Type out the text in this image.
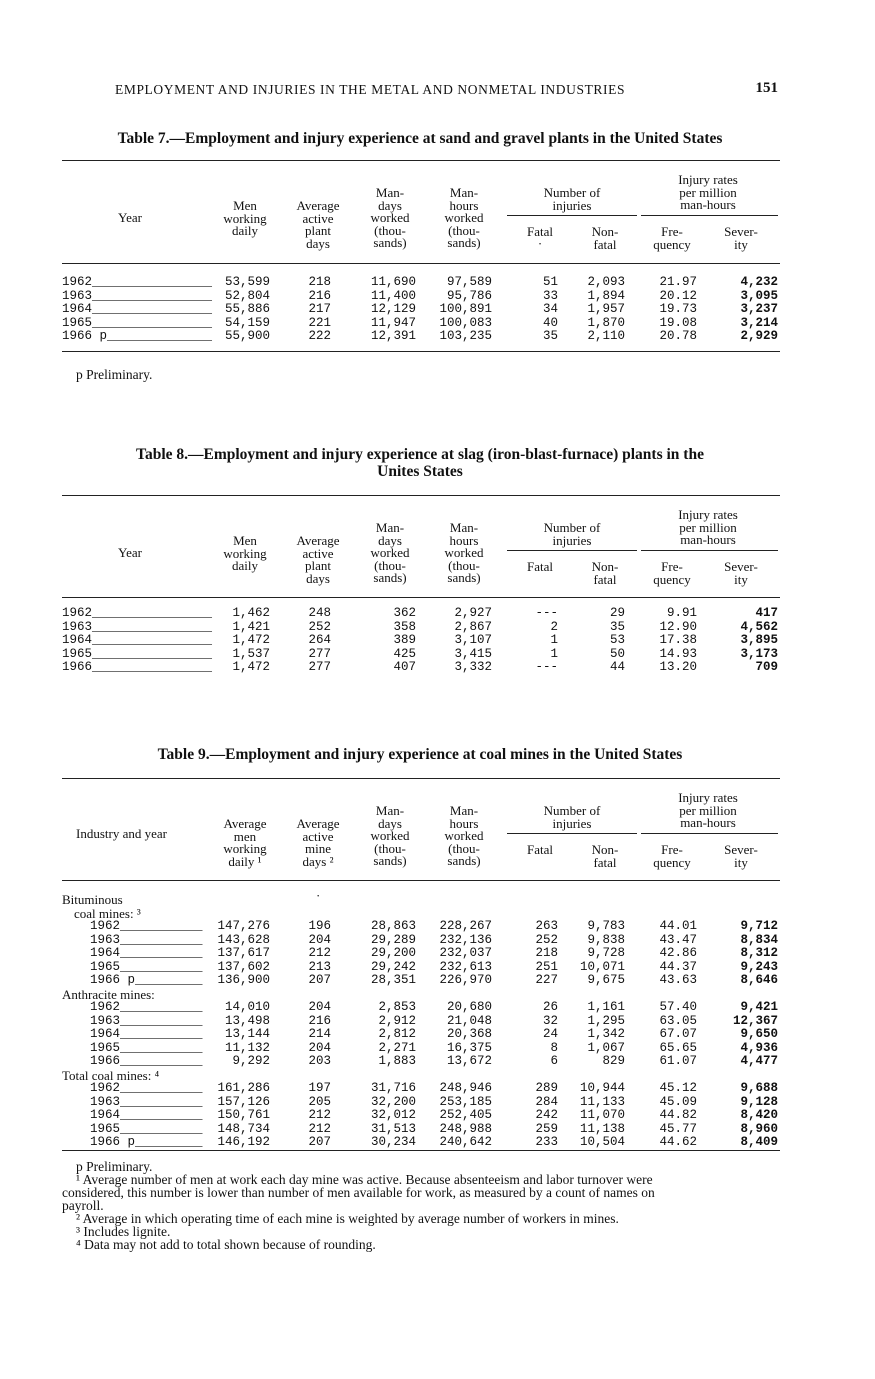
EMPLOYMENT AND INJURIES IN THE METAL AND NONMETAL INDUSTRIES	151
Table 7.—Employment and injury experience at sand and gravel plants in the United States
p Preliminary.
Table 8.—Employment and injury experience at slag (iron-blast-furnace) plants in the
Unites States
Table 9.—Employment and injury experience at coal mines in the United States
Year
Men
working
daily
Average
active
plant
days
Man-
days
worked
(thou-
sands)
Man-
hours
worked
(thou-
sands)
Number of
injuries
Injury rates
per million
man-hours
Fatal
·
Non-
fatal
Fre-
quency
Sever-
ity
1962________________	53,599	218	11,690	97,589	51	2,093	21.97	4,232
1963________________	52,804	216	11,400	95,786	33	1,894	20.12	3,095
1964________________	55,886	217	12,129	100,891	34	1,957	19.73	3,237
1965________________	54,159	221	11,947	100,083	40	1,870	19.08	3,214
1966 p______________	55,900	222	12,391	103,235	35	2,110	20.78	2,929
Year
Men
working
daily
Average
active
plant
days
Man-
days
worked
(thou-
sands)
Man-
hours
worked
(thou-
sands)
Number of
injuries
Injury rates
per million
man-hours
Fatal	Non-
fatal
Fre-
quency
Sever-
ity
1962________________	1,462	248	362	2,927	---	29	9.91	417
1963________________	1,421	252	358	2,867	2	35	12.90	4,562
1964________________	1,472	264	389	3,107	1	53	17.38	3,895
1965________________	1,537	277	425	3,415	1	50	14.93	3,173
1966________________	1,472	277	407	3,332	---	44	13.20	709
Industry and year
Average
men
working
daily ¹
Average
active
mine
days ²
Man-
days
worked
(thou-
sands)
Man-
hours
worked
(thou-
sands)
Number of
injuries
Injury rates
per million
man-hours
Fatal	Non-
fatal
Fre-
quency
Sever-
ity
Bituminous	·
coal mines: ³
1962___________	147,276	196	28,863	228,267	263	9,783	44.01	9,712
1963___________	143,628	204	29,289	232,136	252	9,838	43.47	8,834
1964___________	137,617	212	29,200	232,037	218	9,728	42.86	8,312
1965___________	137,602	213	29,242	232,613	251	10,071	44.37	9,243
1966 p_________	136,900	207	28,351	226,970	227	9,675	43.63	8,646
Anthracite mines:
1962___________	14,010	204	2,853	20,680	26	1,161	57.40	9,421
1963___________	13,498	216	2,912	21,048	32	1,295	63.05	12,367
1964___________	13,144	214	2,812	20,368	24	1,342	67.07	9,650
1965___________	11,132	204	2,271	16,375	8	1,067	65.65	4,936
1966___________	9,292	203	1,883	13,672	6	829	61.07	4,477
Total coal mines: ⁴
1962___________	161,286	197	31,716	248,946	289	10,944	45.12	9,688
1963___________	157,126	205	32,200	253,185	284	11,133	45.09	9,128
1964___________	150,761	212	32,012	252,405	242	11,070	44.82	8,420
1965___________	148,734	212	31,513	248,988	259	11,138	45.77	8,960
1966 p_________	146,192	207	30,234	240,642	233	10,504	44.62	8,409
p Preliminary.
¹ Average number of men at work each day mine was active. Because absenteeism and labor turnover were
considered, this number is lower than number of men available for work, as measured by a count of names on
payroll.
² Average in which operating time of each mine is weighted by average number of workers in mines.
³ Includes lignite.
⁴ Data may not add to total shown because of rounding.
